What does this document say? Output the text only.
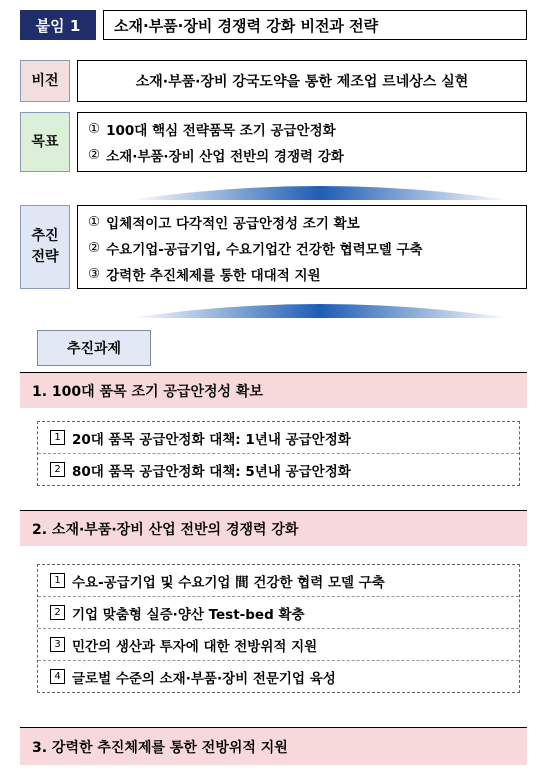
붙임 1	소재·부품·장비 경쟁력 강화 비전과 전략
비전	소재·부품·장비 강국도약을 통한 제조업 르네상스 실현
목표
① 100대 핵심 전략품목 조기 공급안정화
② 소재·부품·장비 산업 전반의 경쟁력 강화
추진
전략
① 입체적이고 다각적인 공급안정성 조기 확보
② 수요기업-공급기업, 수요기업간 건강한 협력모델 구축
③ 강력한 추진체제를 통한 대대적 지원
추진과제
1. 100대 품목 조기 공급안정성 확보
1 20대 품목 공급안정화 대책: 1년내 공급안정화
2 80대 품목 공급안정화 대책: 5년내 공급안정화
2. 소재·부품·장비 산업 전반의 경쟁력 강화
1 수요-공급기업 및 수요기업 間 건강한 협력 모델 구축
2 기업 맞춤형 실증·양산 Test-bed 확충
3 민간의 생산과 투자에 대한 전방위적 지원
4 글로벌 수준의 소재·부품·장비 전문기업 육성
3. 강력한 추진체제를 통한 전방위적 지원
